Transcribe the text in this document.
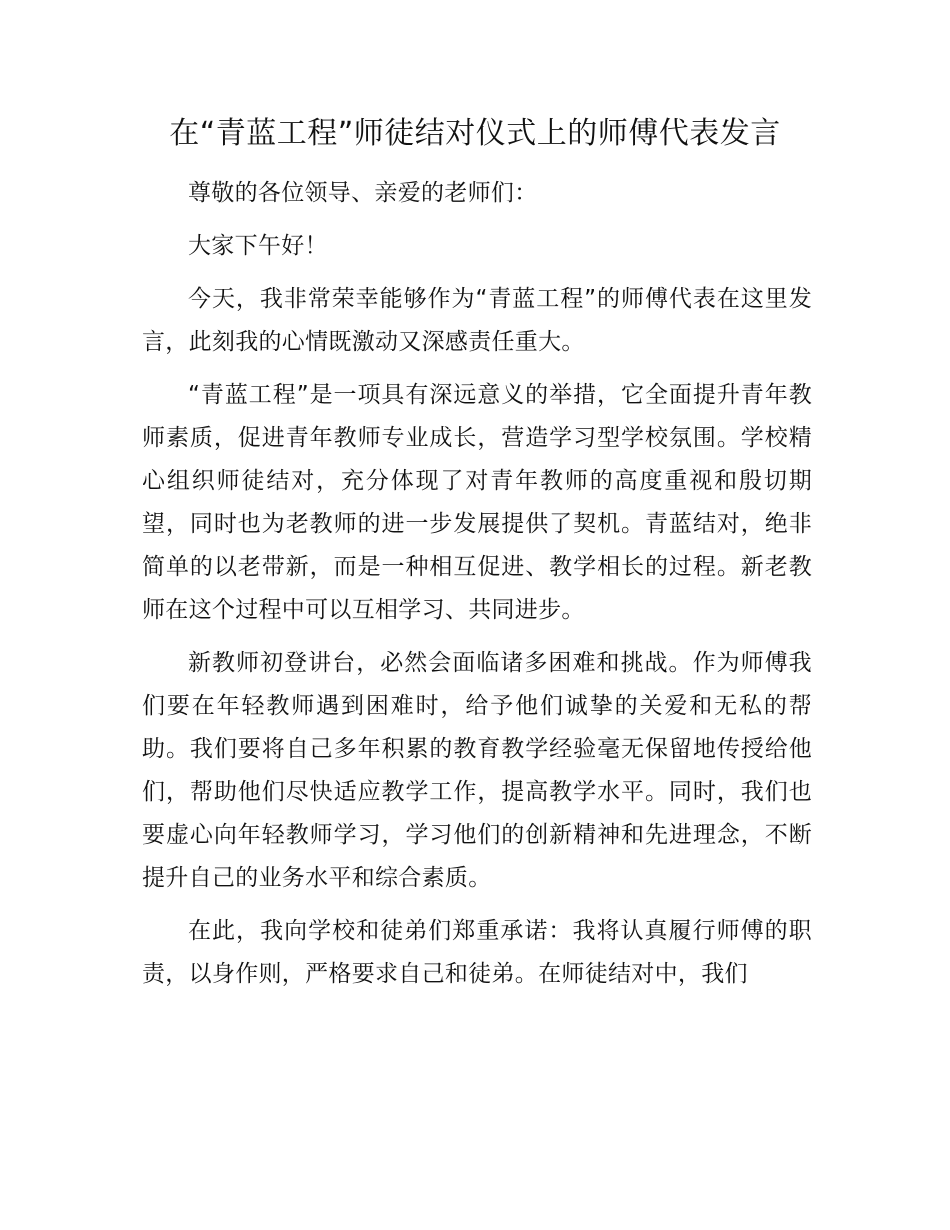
在“青蓝工程”师徒结对仪式上的师傅代表发言

尊敬的各位领导、亲爱的老师们：

大家下午好！

今天，我非常荣幸能够作为“青蓝工程”的师傅代表在这里发言，此刻我的心情既激动又深感责任重大。

“青蓝工程”是一项具有深远意义的举措，它全面提升青年教师素质，促进青年教师专业成长，营造学习型学校氛围。学校精心组织师徒结对，充分体现了对青年教师的高度重视和殷切期望，同时也为老教师的进一步发展提供了契机。青蓝结对，绝非简单的以老带新，而是一种相互促进、教学相长的过程。新老教师在这个过程中可以互相学习、共同进步。

新教师初登讲台，必然会面临诸多困难和挑战。作为师傅我们要在年轻教师遇到困难时，给予他们诚挚的关爱和无私的帮助。我们要将自己多年积累的教育教学经验毫无保留地传授给他们，帮助他们尽快适应教学工作，提高教学水平。同时，我们也要虚心向年轻教师学习，学习他们的创新精神和先进理念，不断提升自己的业务水平和综合素质。

在此，我向学校和徒弟们郑重承诺：我将认真履行师傅的职责，以身作则，严格要求自己和徒弟。在师徒结对中，我们
